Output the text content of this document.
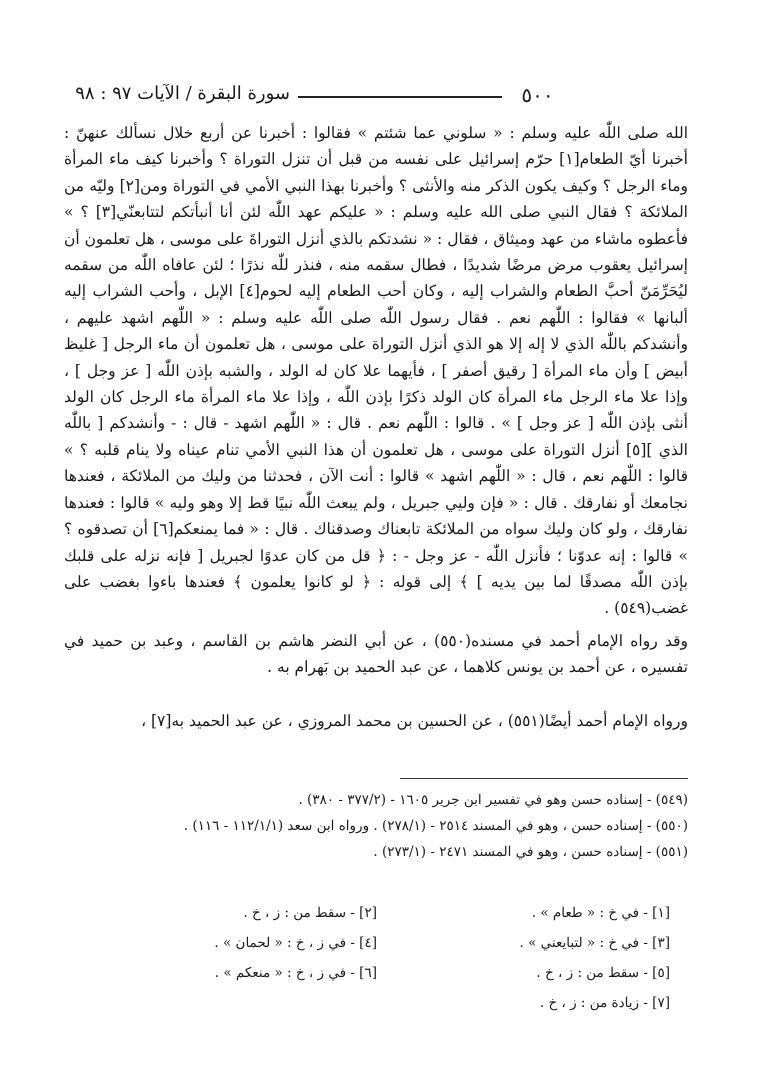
٥٠٠
سورة البقرة / الآيات ٩٧ : ٩٨

الله صلى اللّٰه عليه وسلم : « سلوني عما شئتم » فقالوا : أخبرنا عن أربع خلال نسألك عنهنّ : أخبرنا أيّ الطعام[١] حرّم إسرائيل على نفسه من قبل أن تنزل التوراة ؟ وأخبرنا كيف ماء المرأة وماء الرجل ؟ وكيف يكون الذكر منه والأنثى ؟ وأخبرنا بهذا النبي الأمي في التوراة ومن[٢] وليّه من الملائكة ؟ فقال النبي صلى الله عليه وسلم : « عليكم عهد اللّٰه لئن أنا أنبأتكم لتتابعنّي[٣] ؟ » فأعطوه ماشاء من عهد وميثاق ، فقال : « نشدتكم بالذي أنزل التوراةَ على موسى ، هل تعلمون أن إسرائيل يعقوب مرض مرضًا شديدًا ، فطال سقمه منه ، فنذر للّٰه نذرًا ؛ لئن عافاه اللّٰه من سقمه ليُحَرِّمَنّ أحبَّ الطعام والشراب إليه ، وكان أحب الطعام إليه لحوم[٤] الإبل ، وأحب الشراب إليه ألبانها » فقالوا : اللّٰهم نعم . فقال رسول اللّٰه صلى اللّٰه عليه وسلم : « اللّٰهم اشهد عليهم ، وأنشدكم باللّٰه الذي لا إله إلا هو الذي أنزل التوراة على موسى ، هل تعلمون أن ماء الرجل [ غليظ أبيض ] وأن ماء المرأة [ رقيق أصفر ] ، فأيهما علا كان له الولد ، والشبه بإذن اللّٰه [ عز وجل ] ، وإذا علا ماء الرجل ماء المرأة كان الولد ذكرًا بإذن اللّٰه ، وإذا علا ماء المرأة ماء الرجل كان الولد أنثى بإذن اللّٰه [ عز وجل ] » . قالوا : اللّٰهم نعم . قال : « اللّٰهم اشهد - قال : - وأنشدكم [ باللّٰه الذي ][٥] أنزل التوراة على موسى ، هل تعلمون أن هذا النبي الأمي تنام عيناه ولا ينام قلبه ؟ » قالوا : اللّٰهم نعم ، قال : « اللّٰهم اشهد » قالوا : أنت الآن ، فحدثنا من وليك من الملائكة ، فعندها نجامعك أو نفارقك . قال : « فإن وليي جبريل ، ولم يبعث اللّٰه نبيًا قط إلا وهو وليه » قالوا : فعندها نفارقك ، ولو كان وليك سواه من الملائكة تابعناك وصدقناك . قال : « فما يمنعكم[٦] أن تصدقوه ؟ » قالوا : إنه عدوّنا ؛ فأنزل اللّٰه - عز وجل - : ﴿ قل من كان عدوًا لجبريل [ فإنه نزله على قلبك بإذن اللّٰه مصدقًا لما بين يديه ] ﴾ إلى قوله : ﴿ لو كانوا يعلمون ﴾ فعندها باءوا بغضب على غضب(٥٤٩) .

وقد رواه الإمام أحمد في مسنده(٥٥٠) ، عن أبي النضر هاشم بن القاسم ، وعبد بن حميد في تفسيره ، عن أحمد بن يونس كلاهما ، عن عبد الحميد بن بَهرام به .

ورواه الإمام أحمد أيضًا(٥٥١) ، عن الحسين بن محمد المروزي ، عن عبد الحميد به[٧] ،

(٥٤٩) - إسناده حسن وهو في تفسير ابن جرير ١٦٠٥ - (٣٧٧/٢ - ٣٨٠) .
(٥٥٠) - إسناده حسن ، وهو في المسند ٢٥١٤ - (٢٧٨/١) . ورواه ابن سعد (١١٢/١/١ - ١١٦) .
(٥٥١) - إسناده حسن ، وهو في المسند ٢٤٧١ - (٢٧٣/١) .
[١] - في خ : « طعام » .
[٢] - سقط من : ز ، خ .
[٣] - في خ : « لتبايعني » .
[٤] - في ز ، خ : « لحمان » .
[٥] - سقط من : ز ، خ .
[٦] - في ز ، خ : « منعكم » .
[٧] - زيادة من : ز ، خ .
